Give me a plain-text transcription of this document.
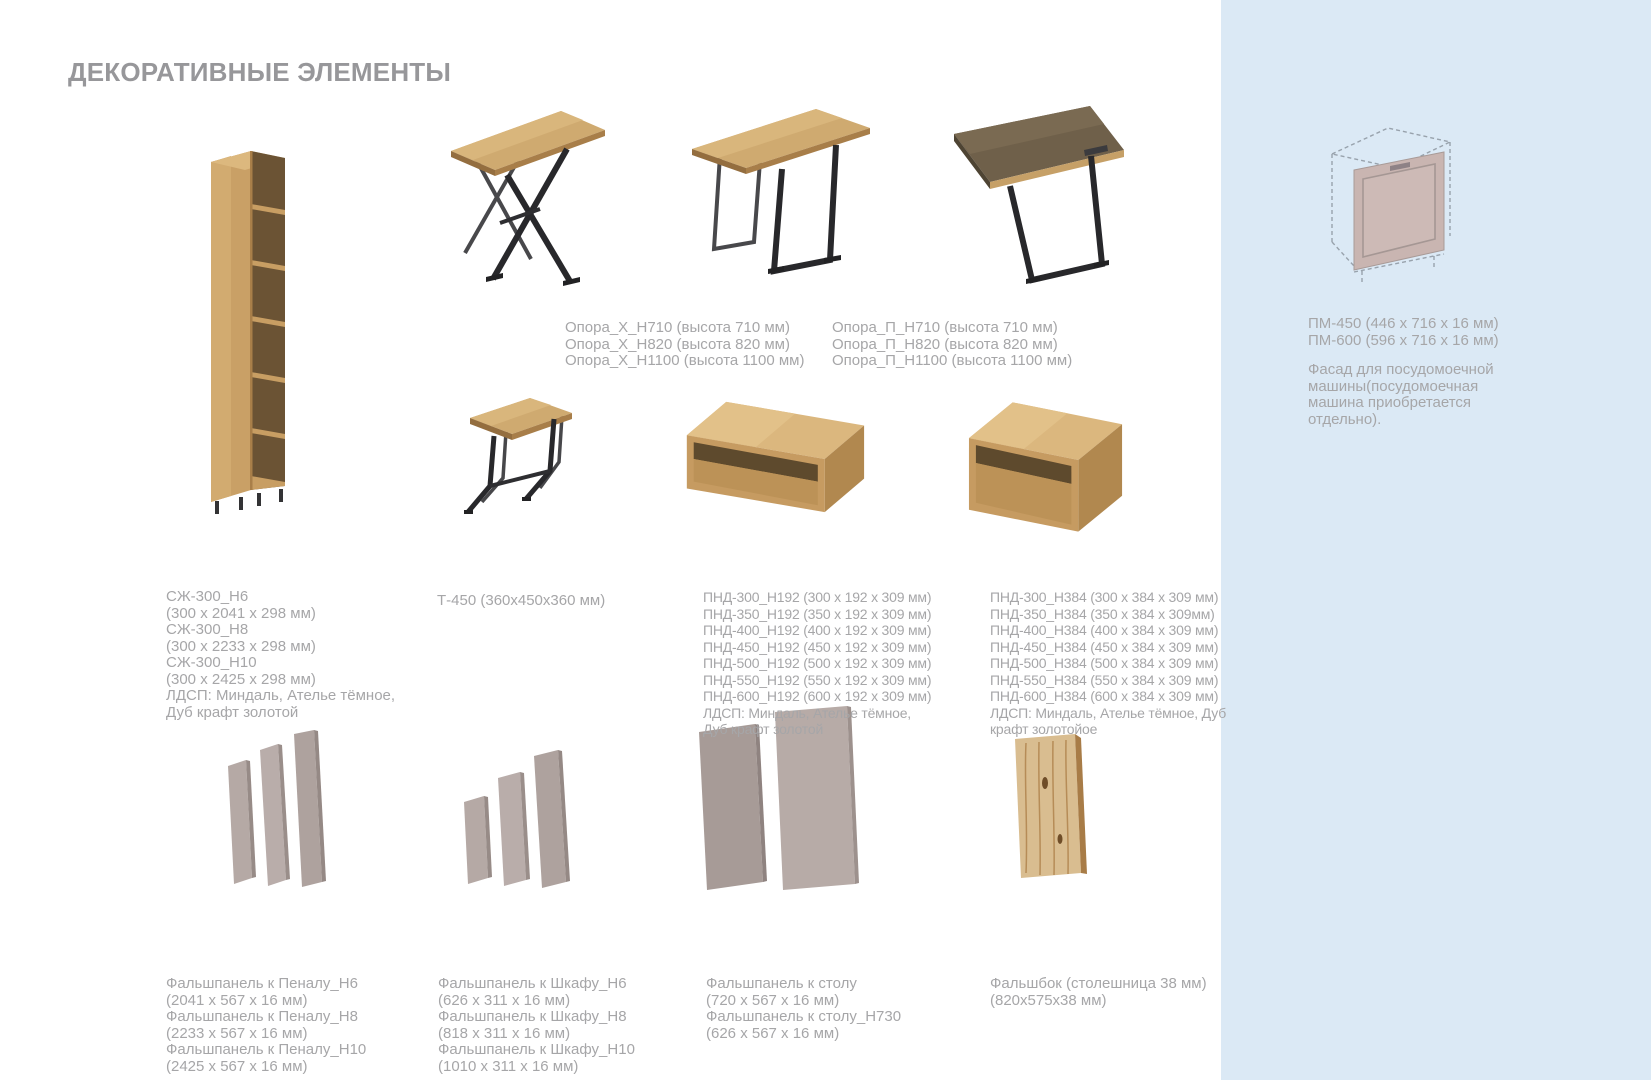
ДЕКОРАТИВНЫЕ ЭЛЕМЕНТЫ
СЖ-300_Н6
(300 х 2041 х 298 мм)
СЖ-300_Н8
(300 х 2233 х 298 мм)
СЖ-300_Н10
(300 х 2425 х 298 мм)
ЛДСП: Миндаль, Ателье тёмное,
Дуб крафт золотой
Опора_X_H710 (высота 710 мм)
Опора_X_H820 (высота 820 мм)
Опора_X_H1100 (высота 1100 мм)
Опора_П_Н710 (высота 710 мм)
Опора_П_Н820 (высота 820 мм)
Опора_П_Н1100 (высота 1100 мм)
Т-450 (360х450х360 мм)	ПНД-300_Н192 (300 х 192 х 309 мм)
ПНД-350_Н192 (350 х 192 х 309 мм)
ПНД-400_Н192 (400 х 192 х 309 мм)
ПНД-450_Н192 (450 х 192 х 309 мм)
ПНД-500_Н192 (500 х 192 х 309 мм)
ПНД-550_Н192 (550 х 192 х 309 мм)
ПНД-600_Н192 (600 х 192 х 309 мм)
ЛДСП: Миндаль, Ателье тёмное,
Дуб крафт золотой
ПНД-300_Н384 (300 х 384 х 309 мм)
ПНД-350_Н384 (350 х 384 х 309мм)
ПНД-400_Н384 (400 х 384 х 309 мм)
ПНД-450_Н384 (450 х 384 х 309 мм)
ПНД-500_Н384 (500 х 384 х 309 мм)
ПНД-550_Н384 (550 х 384 х 309 мм)
ПНД-600_Н384 (600 х 384 х 309 мм)
ЛДСП: Миндаль, Ателье тёмное, Дуб
крафт золотойое
ПМ-450 (446 х 716 х 16 мм)
ПМ-600 (596 х 716 х 16 мм)
Фасад для посудомоечной
машины(посудомоечная
машина приобретается
отдельно).
Фальшпанель к Пеналу_Н6
(2041 х 567 х 16 мм)
Фальшпанель к Пеналу_Н8
(2233 х 567 х 16 мм)
Фальшпанель к Пеналу_Н10
(2425 х 567 х 16 мм)
Фальшпанель к Шкафу_Н6
(626 х 311 х 16 мм)
Фальшпанель к Шкафу_Н8
(818 х 311 х 16 мм)
Фальшпанель к Шкафу_Н10
(1010 х 311 х 16 мм)
Фальшпанель к столу
(720 х 567 х 16 мм)
Фальшпанель к столу_Н730
(626 х 567 х 16 мм)
Фальшбок (столешница 38 мм)
(820х575х38 мм)
